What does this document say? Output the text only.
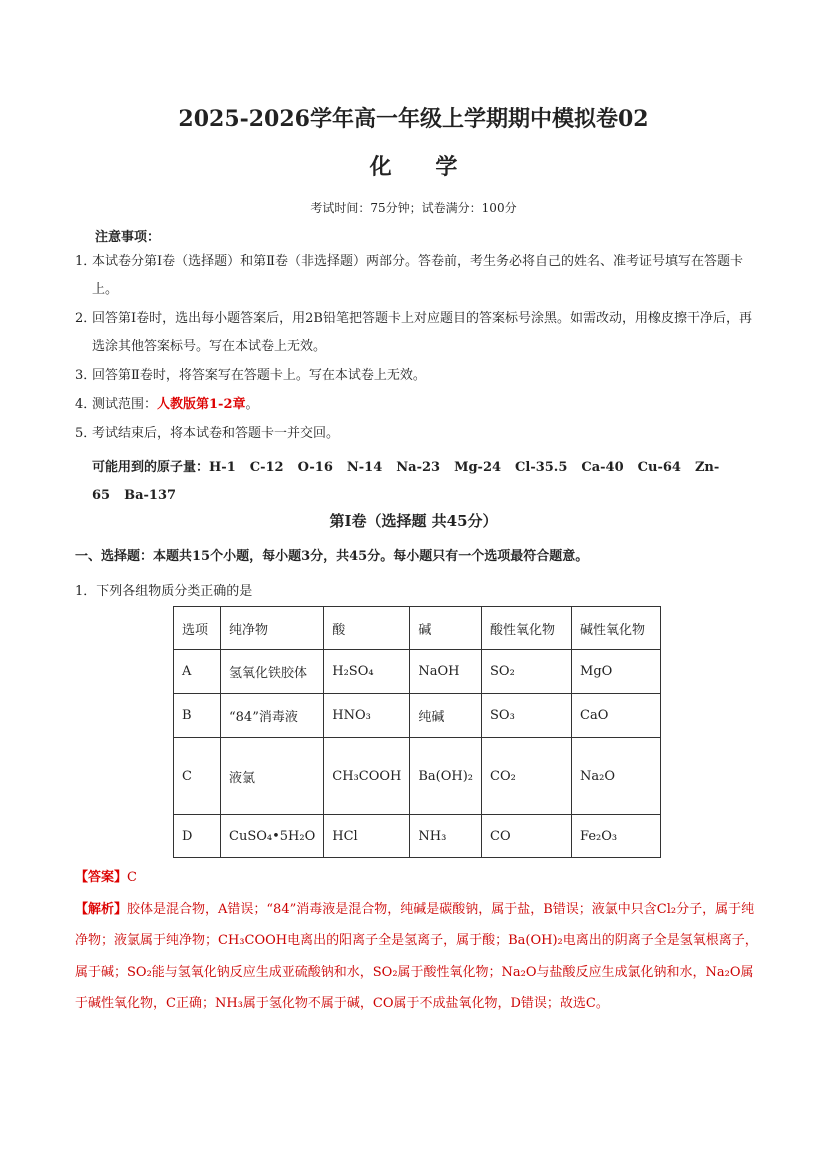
2025-2026学年高一年级上学期期中模拟卷02
化 学
考试时间：75分钟；试卷满分：100分
注意事项：
1．
本试卷分第Ⅰ卷（选择题）和第Ⅱ卷（非选择题）两部分。答卷前，考生务必将自己的姓名、准考证号填写在答题卡上。
2．
回答第Ⅰ卷时，选出每小题答案后，用2B铅笔把答题卡上对应题目的答案标号涂黑。如需改动，用橡皮擦干净后，再选涂其他答案标号。写在本试卷上无效。
3．
回答第Ⅱ卷时，将答案写在答题卡上。写在本试卷上无效。
4．
测试范围：人教版第1-2章。
5．
考试结束后，将本试卷和答题卡一并交回。
可能用到的原子量：H-1 C-12 O-16 N-14 Na-23 Mg-24 Cl-35.5 Ca-40 Cu-64 Zn-65 Ba-137
第Ⅰ卷（选择题 共45分）
一、选择题：本题共15个小题，每小题3分，共45分。每小题只有一个选项最符合题意。
1．下列各组物质分类正确的是
选项	纯净物	酸	碱	酸性氧化物	碱性氧化物
A	氢氧化铁胶体	H₂SO₄	NaOH	SO₂	MgO
B	“84”消毒液	HNO₃	纯碱	SO₃	CaO
C	液氯	CH₃COOH	Ba(OH)₂	CO₂	Na₂O
D	CuSO₄•5H₂O	HCl	NH₃	CO	Fe₂O₃
【答案】C
【解析】胶体是混合物，A错误；“84”消毒液是混合物，纯碱是碳酸钠，属于盐，B错误；液氯中只含Cl₂分子，属于纯净物；液氯属于纯净物；CH₃COOH电离出的阳离子全是氢离子，属于酸；Ba(OH)₂电离出的阴离子全是氢氧根离子，属于碱；SO₂能与氢氧化钠反应生成亚硫酸钠和水，SO₂属于酸性氧化物；Na₂O与盐酸反应生成氯化钠和水，Na₂O属于碱性氧化物，C正确；NH₃属于氢化物不属于碱，CO属于不成盐氧化物，D错误；故选C。
